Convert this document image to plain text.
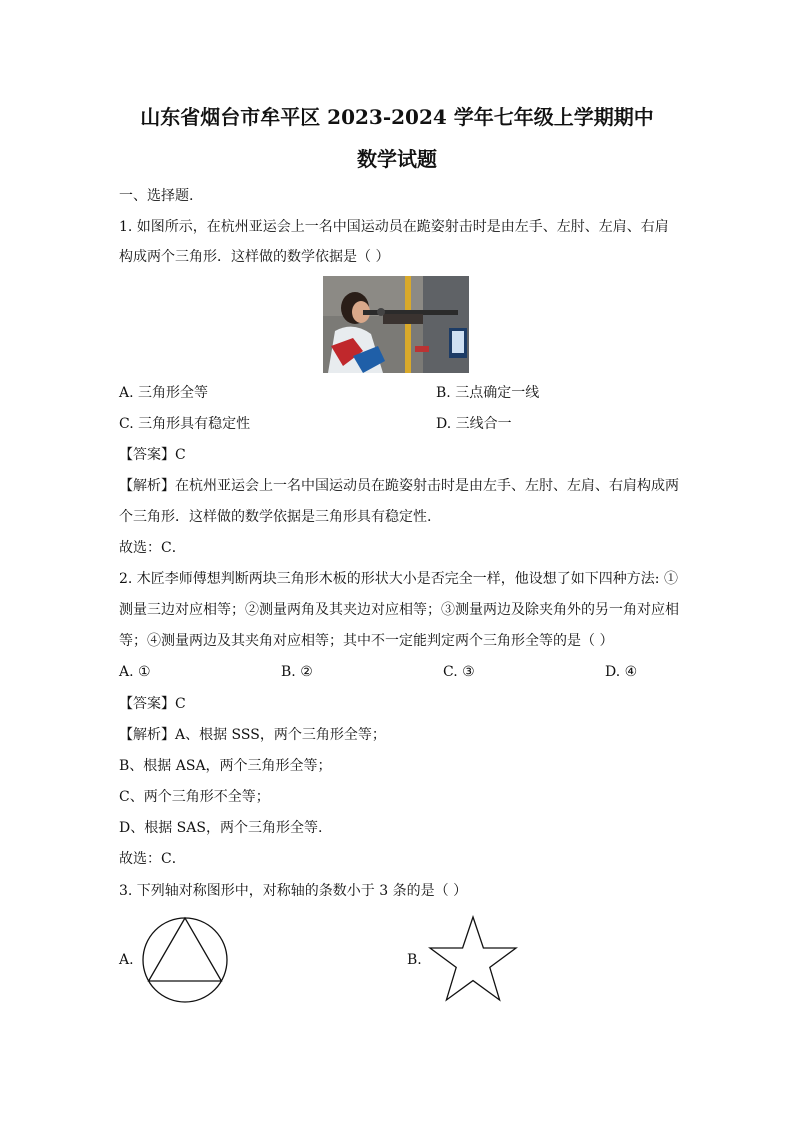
山东省烟台市牟平区 2023-2024 学年七年级上学期期中
数学试题
一、选择题.
1. 如图所示，在杭州亚运会上一名中国运动员在跪姿射击时是由左手、左肘、左肩、右肩
构成两个三角形．这样做的数学依据是（ ）
A. 三角形全等	B. 三点确定一线
C. 三角形具有稳定性	D. 三线合一
【答案】C
【解析】在杭州亚运会上一名中国运动员在跪姿射击时是由左手、左肘、左肩、右肩构成两
个三角形．这样做的数学依据是三角形具有稳定性.
故选：C．
2. 木匠李师傅想判断两块三角形木板的形状大小是否完全一样，他设想了如下四种方法: ①
测量三边对应相等；②测量两角及其夹边对应相等；③测量两边及除夹角外的另一角对应相
等；④测量两边及其夹角对应相等；其中不一定能判定两个三角形全等的是（ ）
A. ①	B. ②	C. ③	D. ④
【答案】C
【解析】A、根据 SSS，两个三角形全等；
B、根据 ASA，两个三角形全等；
C、两个三角形不全等；
D、根据 SAS，两个三角形全等.
故选：C．
3. 下列轴对称图形中，对称轴的条数小于 3 条的是（ ）
A.	B.
